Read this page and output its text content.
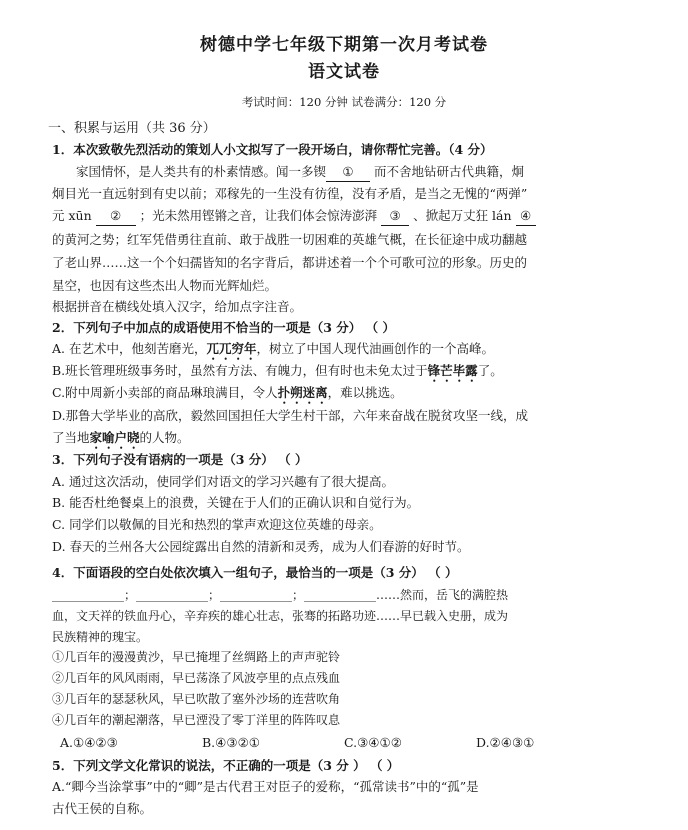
树德中学七年级下期第一次月考试卷
语文试卷
考试时间：120 分钟 试卷满分：120 分
一、积累与运用（共 36 分）
1．本次致敬先烈活动的策划人小文拟写了一段开场白，请你帮忙完善。（4 分）
家国情怀，是人类共有的朴素情感。闻一多锲 ① 而不舍地钻研古代典籍，炯
炯目光一直远射到有史以前；邓稼先的一生没有彷徨，没有矛盾，是当之无愧的“两弹”
元 xūn ② ；光未然用铿锵之音，让我们体会惊涛澎湃 ③ 、掀起万丈狂 lán ④
的黄河之势；红军凭借勇往直前、敢于战胜一切困难的英雄气概，在长征途中成功翻越
了老山界……这一个个妇孺皆知的名字背后，都讲述着一个个可歌可泣的形象。历史的
星空，也因有这些杰出人物而光辉灿烂。
根据拼音在横线处填入汉字，给加点字注音。
2．下列句子中加点的成语使用不恰当的一项是（3 分） （ ）
A. 在艺术中，他刻苦磨光，兀兀穷年，树立了中国人现代油画创作的一个高峰。
B.班长管理班级事务时，虽然有方法、有魄力，但有时也未免太过于锋芒毕露了。
C.附中周新小卖部的商品琳琅满目，令人扑朔迷离，难以挑选。
D.那鲁大学毕业的高欣，毅然回国担任大学生村干部，六年来奋战在脱贫攻坚一线，成
了当地家喻户晓的人物。
3．下列句子没有语病的一项是（3 分） （ ）
A. 通过这次活动，使同学们对语文的学习兴趣有了很大提高。
B. 能否杜绝餐桌上的浪费，关键在于人们的正确认识和自觉行为。
C. 同学们以敬佩的目光和热烈的掌声欢迎这位英雄的母亲。
D. 春天的兰州各大公园绽露出自然的清新和灵秀，成为人们春游的好时节。
4．下面语段的空白处依次填入一组句子，最恰当的一项是（3 分） （ ）
____________；____________；____________；____________……然而，岳飞的满腔热
血，文天祥的铁血丹心，辛弃疾的雄心壮志，张骞的拓路功迹……早已载入史册，成为
民族精神的瑰宝。
①几百年的漫漫黄沙，早已掩埋了丝绸路上的声声驼铃
②几百年的风风雨雨，早已荡涤了风波亭里的点点残血
③几百年的瑟瑟秋风，早已吹散了塞外沙场的连营吹角
④几百年的潮起潮落，早已湮没了零丁洋里的阵阵叹息
A.①④②③	B.④③②①	C.③④①②	D.②④③①
5．下列文学文化常识的说法，不正确的一项是（3 分 ） （ ）
A.“卿今当涂掌事”中的“卿”是古代君王对臣子的爱称，“孤常读书”中的“孤”是
古代王侯的自称。
